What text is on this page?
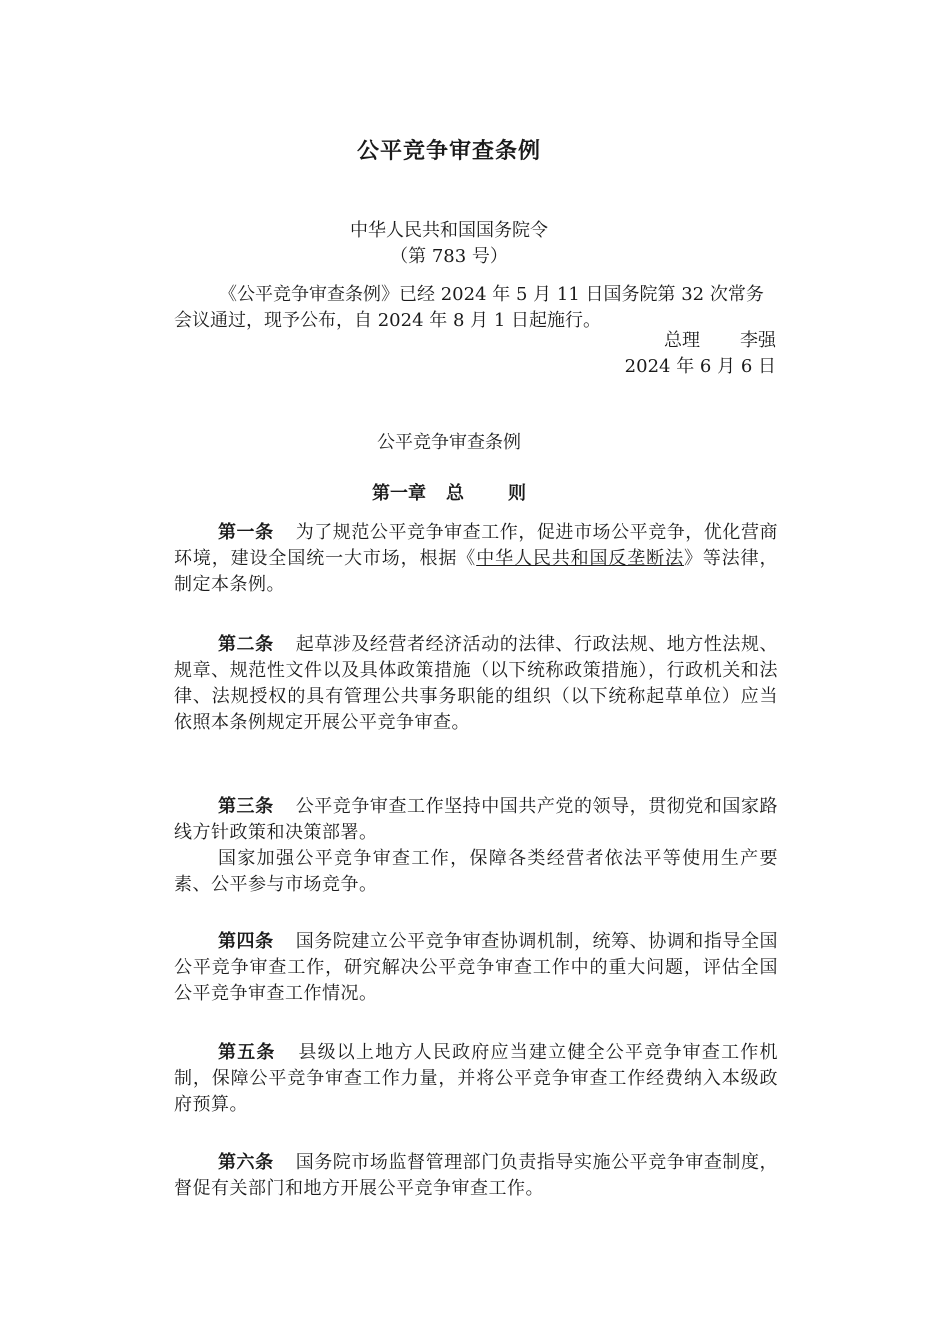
公平竞争审查条例
中华人民共和国国务院令
（第 783 号）

《公平竞争审查条例》已经 2024 年 5 月 11 日国务院第 32 次常务会议通过，现予公布，自 2024 年 8 月 1 日起施行。

总理 李强
2024 年 6 月 6 日
公平竞争审查条例
第一章 总 则

第一条 为了规范公平竞争审查工作，促进市场公平竞争，优化营商环境，建设全国统一大市场，根据《中华人民共和国反垄断法》等法律，制定本条例。

第二条 起草涉及经营者经济活动的法律、行政法规、地方性法规、规章、规范性文件以及具体政策措施（以下统称政策措施），行政机关和法律、法规授权的具有管理公共事务职能的组织（以下统称起草单位）应当依照本条例规定开展公平竞争审查。

第三条 公平竞争审查工作坚持中国共产党的领导，贯彻党和国家路线方针政策和决策部署。

国家加强公平竞争审查工作，保障各类经营者依法平等使用生产要素、公平参与市场竞争。

第四条 国务院建立公平竞争审查协调机制，统筹、协调和指导全国公平竞争审查工作，研究解决公平竞争审查工作中的重大问题，评估全国公平竞争审查工作情况。

第五条 县级以上地方人民政府应当建立健全公平竞争审查工作机制，保障公平竞争审查工作力量，并将公平竞争审查工作经费纳入本级政府预算。

第六条 国务院市场监督管理部门负责指导实施公平竞争审查制度，督促有关部门和地方开展公平竞争审查工作。
